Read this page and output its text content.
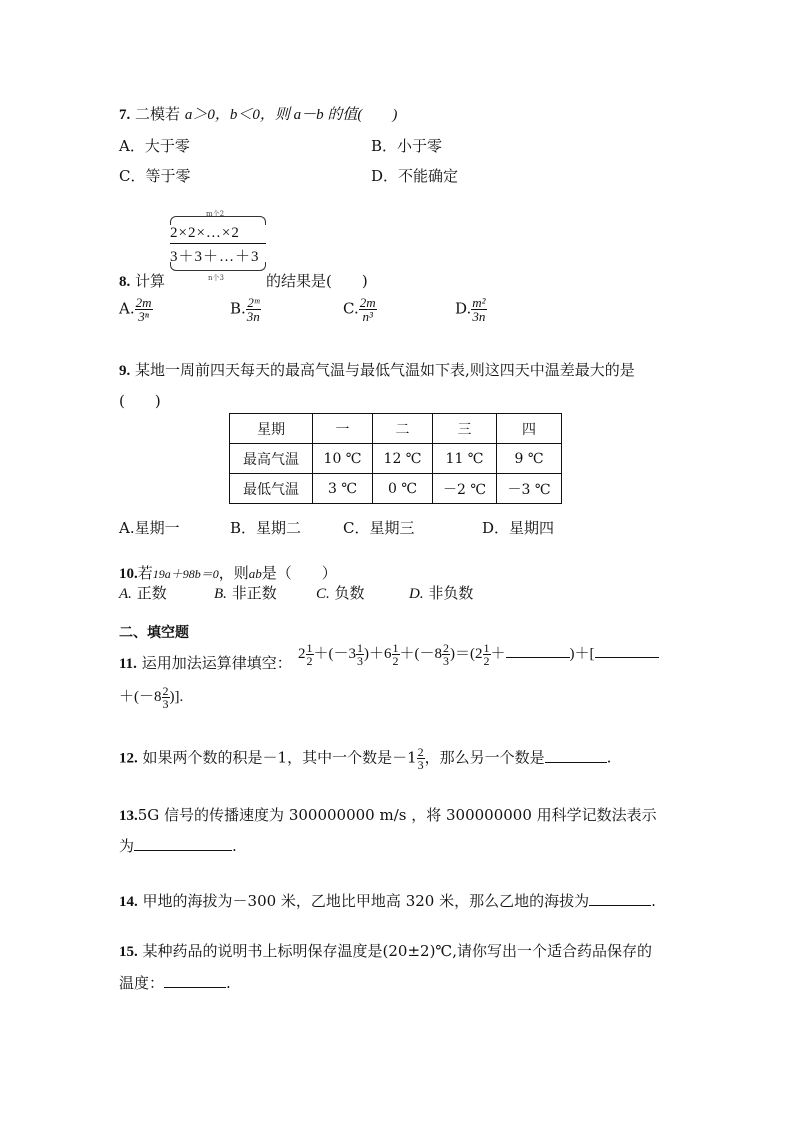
7. 二模若 a＞0，b＜0，则 a－b 的值(　　)
A．大于零	B．小于零
C．等于零	D．不能确定
m个2
2×2×…×2
3＋3＋…＋3
n个3
8. 计算	的结果是(　　)
A. $\frac{2m}{\text{3ⁿ}}$	B. $\frac{\text{2ᵐ}}{3n}$	C. $\frac{2m}{\text{n³}}$	D. $\frac{\text{m²}}{3n}$
9. 某地一周前四天每天的最高气温与最低气温如下表,则这四天中温差最大的是
(　　)
星期	一	二	三	四
最高气温	10 ℃	12 ℃	11 ℃	9 ℃
最低气温	3 ℃	0 ℃	－2 ℃	－3 ℃
A.星期一	B．星期二	C．星期三	D．星期四
10.若19a＋98b＝0，则ab是（　　）
A. 正数	B. 非正数	C. 负数	D. 非负数
二、填空题
11. 运用加法运算律填空： $2 \frac{1}{2} +(-3 \frac{1}{3} )+6 \frac{1}{2} +(-8 \frac{2}{3} )=(2 \frac{1}{2}$ ＋	)＋[
$+(-8 \frac{2}{3}$ )].
12. 如果两个数的积是－1，其中一个数是$-1 \frac{2}{3}$ ，那么另一个数是	.
13.5G 信号的传播速度为 300000000 m/s ，将 300000000 用科学记数法表示
为	.
14. 甲地的海拔为－300 米，乙地比甲地高 320 米，那么乙地的海拔为	.
15. 某种药品的说明书上标明保存温度是(20±2)℃,请你写出一个适合药品保存的
温度：	.
